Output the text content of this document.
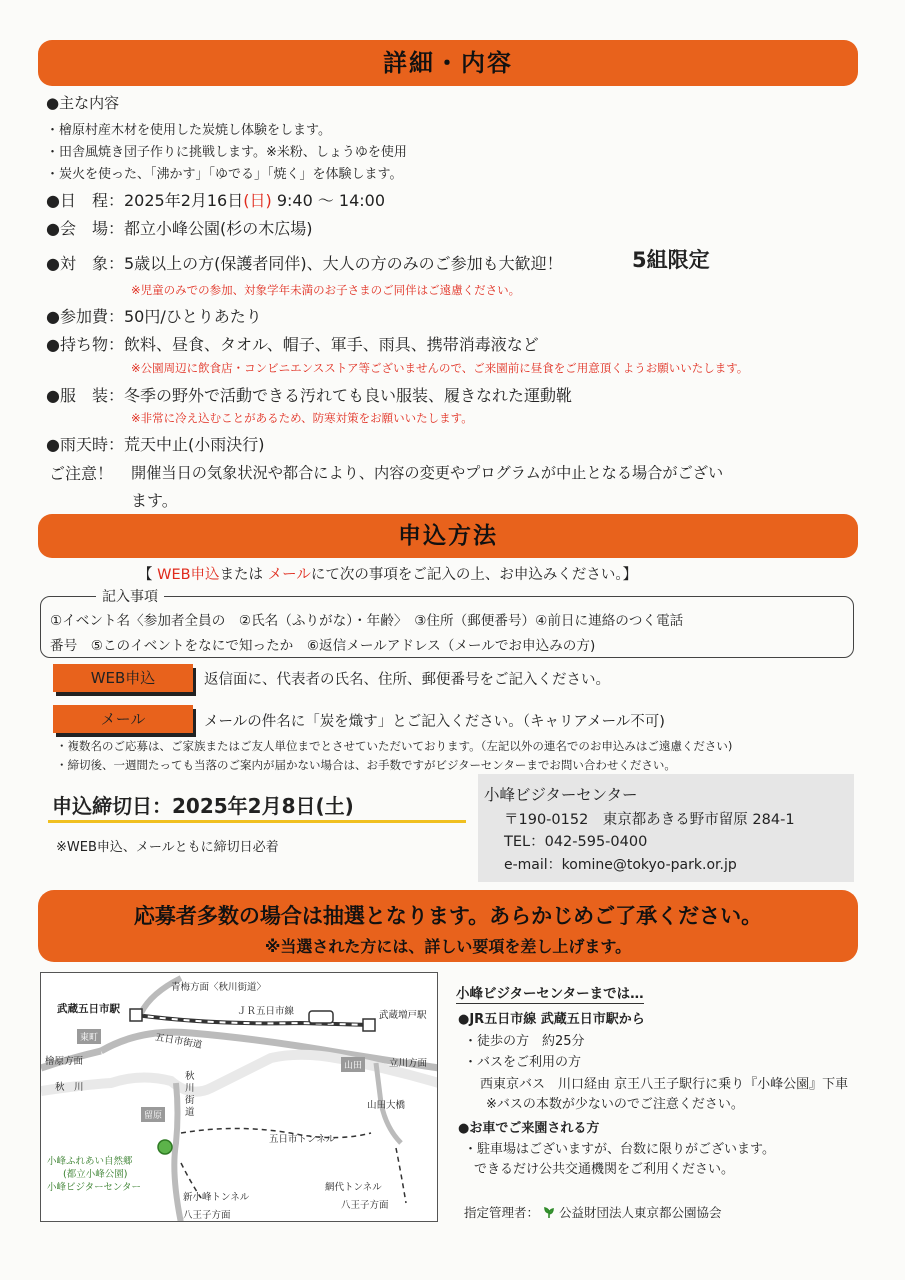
詳細・内容
●主な内容
・檜原村産木材を使用した炭焼し体験をします。
・田舎風焼き団子作りに挑戦します。※米粉、しょうゆを使用
・炭火を使った、「沸かす」「ゆでる」「焼く」を体験します。
●日　程：2025年2月16日(日) 9:40 ～ 14:00
●会　場：都立小峰公園(杉の木広場)
●対　象：5歳以上の方(保護者同伴)、大人の方のみのご参加も大歓迎！	5組限定
※児童のみでの参加、対象学年未満のお子さまのご同伴はご遠慮ください。
●参加費：50円/ひとりあたり
●持ち物：飲料、昼食、タオル、帽子、軍手、雨具、携帯消毒液など
※公園周辺に飲食店・コンビニエンスストア等ございませんので、ご来園前に昼食をご用意頂くようお願いいたします。
●服　装：冬季の野外で活動できる汚れても良い服装、履きなれた運動靴
※非常に冷え込むことがあるため、防寒対策をお願いいたします。
●雨天時：荒天中止(小雨決行)
ご注意！ 開催当日の気象状況や都合により、内容の変更やプログラムが中止となる場合がござい
ます。
申込方法
【 WEB申込または メールにて次の事項をご記入の上、お申込みください。】
記入事項
①イベント名〈参加者全員の　②氏名（ふりがな）・年齢〉　③住所（郵便番号）④前日に連絡のつく電話
番号　⑤このイベントをなにで知ったか　⑥返信メールアドレス（メールでお申込みの方)
WEB申込	返信面に、代表者の氏名、住所、郵便番号をご記入ください。
メール	メールの件名に「炭を熾す」とご記入ください。（キャリアメール不可)
・複数名のご応募は、ご家族またはご友人単位までとさせていただいております。（左記以外の連名でのお申込みはご遠慮ください)
・締切後、一週間たっても当落のご案内が届かない場合は、お手数ですがビジターセンターまでお問い合わせください。
申込締切日：2025年2月8日(土)
※WEB申込、メールともに締切日必着
小峰ビジターセンター
〒190-0152　東京都あきる野市留原 284-1
TEL：042-595-0400
e-mail：komine@tokyo-park.or.jp
応募者多数の場合は抽選となります。あらかじめご了承ください。
※当選された方には、詳しい要項を差し上げます。
青梅方面〈秋川街道〉
武蔵五日市駅	ＪＲ五日市線	武蔵増戸駅
東町	五日市街道
檜原方面
秋　川
山田	立川方面
秋川街道
留原
山田大橋
五日市トンネル
小峰ふれあい自然郷
(都立小峰公園)
小峰ビジターセンター
新小峰トンネル
八王子方面
網代トンネル
八王子方面
小峰ビジターセンターまでは…
●JR五日市線 武蔵五日市駅から
・徒歩の方　約25分
・バスをご利用の方
西東京バス　川口経由 京王八王子駅行に乗り『小峰公園』下車
※バスの本数が少ないのでご注意ください。
●お車でご来園される方
・駐車場はございますが、台数に限りがございます。
できるだけ公共交通機関をご利用ください。
指定管理者： 公益財団法人東京都公園協会
